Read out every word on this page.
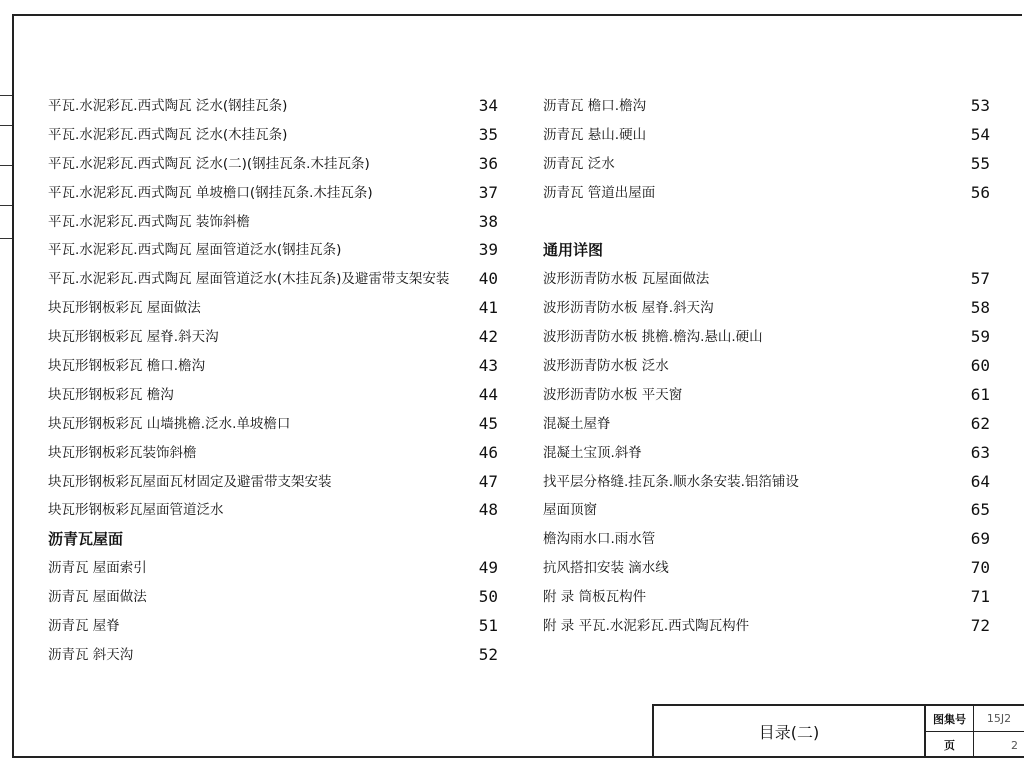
平瓦.水泥彩瓦.西式陶瓦 泛水(钢挂瓦条)	34
平瓦.水泥彩瓦.西式陶瓦 泛水(木挂瓦条)	35
平瓦.水泥彩瓦.西式陶瓦 泛水(二)(钢挂瓦条.木挂瓦条)	36
平瓦.水泥彩瓦.西式陶瓦 单坡檐口(钢挂瓦条.木挂瓦条)	37
平瓦.水泥彩瓦.西式陶瓦 装饰斜檐	38
平瓦.水泥彩瓦.西式陶瓦 屋面管道泛水(钢挂瓦条)	39
平瓦.水泥彩瓦.西式陶瓦 屋面管道泛水(木挂瓦条)及避雷带支架安装 40
块瓦形钢板彩瓦 屋面做法	41
块瓦形钢板彩瓦 屋脊.斜天沟	42
块瓦形钢板彩瓦 檐口.檐沟	43
块瓦形钢板彩瓦 檐沟	44
块瓦形钢板彩瓦 山墙挑檐.泛水.单坡檐口	45
块瓦形钢板彩瓦装饰斜檐	46
块瓦形钢板彩瓦屋面瓦材固定及避雷带支架安装	47
块瓦形钢板彩瓦屋面管道泛水	48
沥青瓦屋面
沥青瓦 屋面索引	49
沥青瓦 屋面做法	50
沥青瓦 屋脊	51
沥青瓦 斜天沟	52
沥青瓦 檐口.檐沟	53
沥青瓦 悬山.硬山	54
沥青瓦 泛水	55
沥青瓦 管道出屋面	56
通用详图
波形沥青防水板 瓦屋面做法	57
波形沥青防水板 屋脊.斜天沟	58
波形沥青防水板 挑檐.檐沟.悬山.硬山	59
波形沥青防水板 泛水	60
波形沥青防水板 平天窗	61
混凝土屋脊	62
混凝土宝顶.斜脊	63
找平层分格缝.挂瓦条.顺水条安装.铝箔铺设	64
屋面顶窗	65
檐沟雨水口.雨水管	69
抗风搭扣安装 滴水线	70
附 录 筒板瓦构件	71
附 录 平瓦.水泥彩瓦.西式陶瓦构件	72
目录(二)
图集号	15J2
页	2
